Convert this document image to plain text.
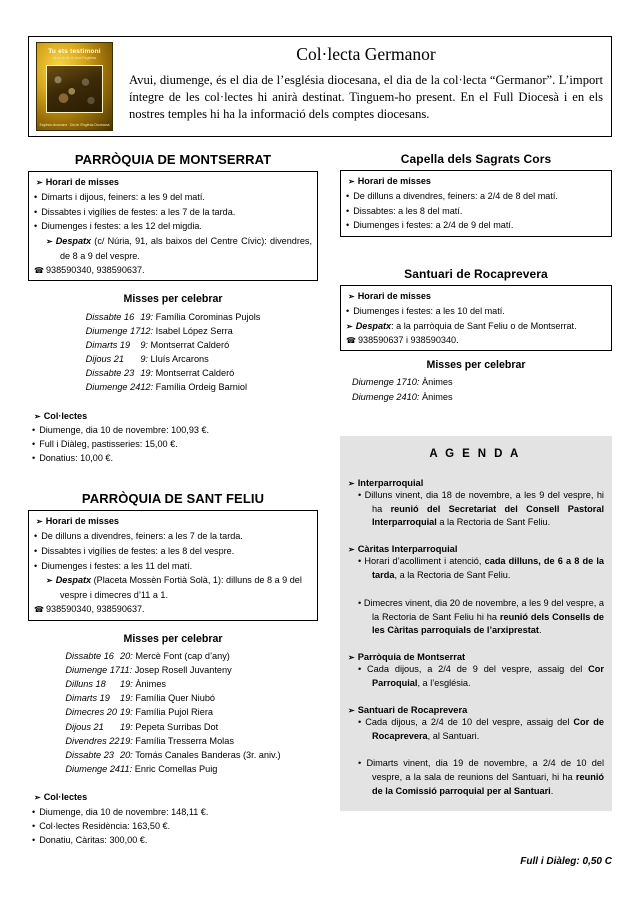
Tu ets testimoni
de la fe de la teva Església
Església diocesana · Dia de l'Església Diocesana
Col·lecta Germanor
Avui, diumenge, és el dia de l’església diocesana, el dia de la col·lecta “Germanor”. L’import íntegre de les col·lectes hi anirà destinat. Tinguem-ho present. En el Full Diocesà i en els nostres temples hi ha la informació dels comptes diocesans.
PARRÒQUIA DE MONTSERRAT
➢ Horari de misses
• Dimarts i dijous, feiners: a les 9 del matí.
• Dissabtes i vigílies de festes: a les 7 de la tarda.
• Diumenges i festes: a les 12 del migdia.
➢ Despatx (c/ Núria, 91, als baixos del Centre Cívic): divendres, de 8 a 9 del vespre.
☎ 938590340, 938590637.
Misses per celebrar
Dissabte 16	19: Família Corominas Pujols
Diumenge 17	12: Isabel López Serra
Dimarts 19	9: Montserrat Calderó
Dijous 21	9: Lluís Arcarons
Dissabte 23	19: Montserrat Calderó
Diumenge 24	12: Família Ordeig Barniol
➢ Col·lectes
• Diumenge, dia 10 de novembre: 100,93 €.
• Full i Diàleg, pastisseries: 15,00 €.
• Donatius: 10,00 €.
PARRÒQUIA DE SANT FELIU
➢ Horari de misses
• De dilluns a divendres, feiners: a les 7 de la tarda.
• Dissabtes i vigílies de festes: a les 8 del vespre.
• Diumenges i festes: a les 11 del matí.
➢ Despatx (Placeta Mossèn Fortià Solà, 1): dilluns de 8 a 9 del vespre i dimecres d’11 a 1.
☎ 938590340, 938590637.
Misses per celebrar
Dissabte 16	20: Mercè Font (cap d’any)
Diumenge 17	11: Josep Rosell Juvanteny
Dilluns 18	19: Ànimes
Dimarts 19	19: Família Quer Niubó
Dimecres 20	19: Família Pujol Riera
Dijous 21	19: Pepeta Surribas Dot
Divendres 22	19: Família Tresserra Molas
Dissabte 23	20: Tomás Canales Banderas (3r. aniv.)
Diumenge 24	11: Enric Comellas Puig
➢ Col·lectes
• Diumenge, dia 10 de novembre: 148,11 €.
• Col·lectes Residència: 163,50 €.
• Donatiu, Càritas: 300,00 €.
Capella dels Sagrats Cors
➢ Horari de misses
• De dilluns a divendres, feiners: a 2/4 de 8 del matí.
• Dissabtes: a les 8 del matí.
• Diumenges i festes: a 2/4 de 9 del matí.
Santuari de Rocaprevera
➢ Horari de misses
• Diumenges i festes: a les 10 del matí.
➢ Despatx: a la parròquia de Sant Feliu o de Montserrat.
☎ 938590637 i 938590340.
Misses per celebrar
Diumenge 17	10: Ànimes
Diumenge 24	10: Ànimes
A G E N D A
➢ Interparroquial
• Dilluns vinent, dia 18 de novembre, a les 9 del vespre, hi ha reunió del Secretariat del Consell Pastoral Interparroquial a la Rectoria de Sant Feliu.
➢ Càritas Interparroquial
• Horari d’acolliment i atenció, cada dilluns, de 6 a 8 de la tarda, a la Rectoria de Sant Feliu.
• Dimecres vinent, dia 20 de novembre, a les 9 del vespre, a la Rectoria de Sant Feliu hi ha reunió dels Consells de les Càritas parroquials de l’arxiprestat.
➢ Parròquia de Montserrat
• Cada dijous, a 2/4 de 9 del vespre, assaig del Cor Parroquial, a l’església.
➢ Santuari de Rocaprevera
• Cada dijous, a 2/4 de 10 del vespre, assaig del Cor de Rocaprevera, al Santuari.
• Dimarts vinent, dia 19 de novembre, a 2/4 de 10 del vespre, a la sala de reunions del Santuari, hi ha reunió de la Comissió parroquial per al Santuari.
Full i Diàleg: 0,50 C
